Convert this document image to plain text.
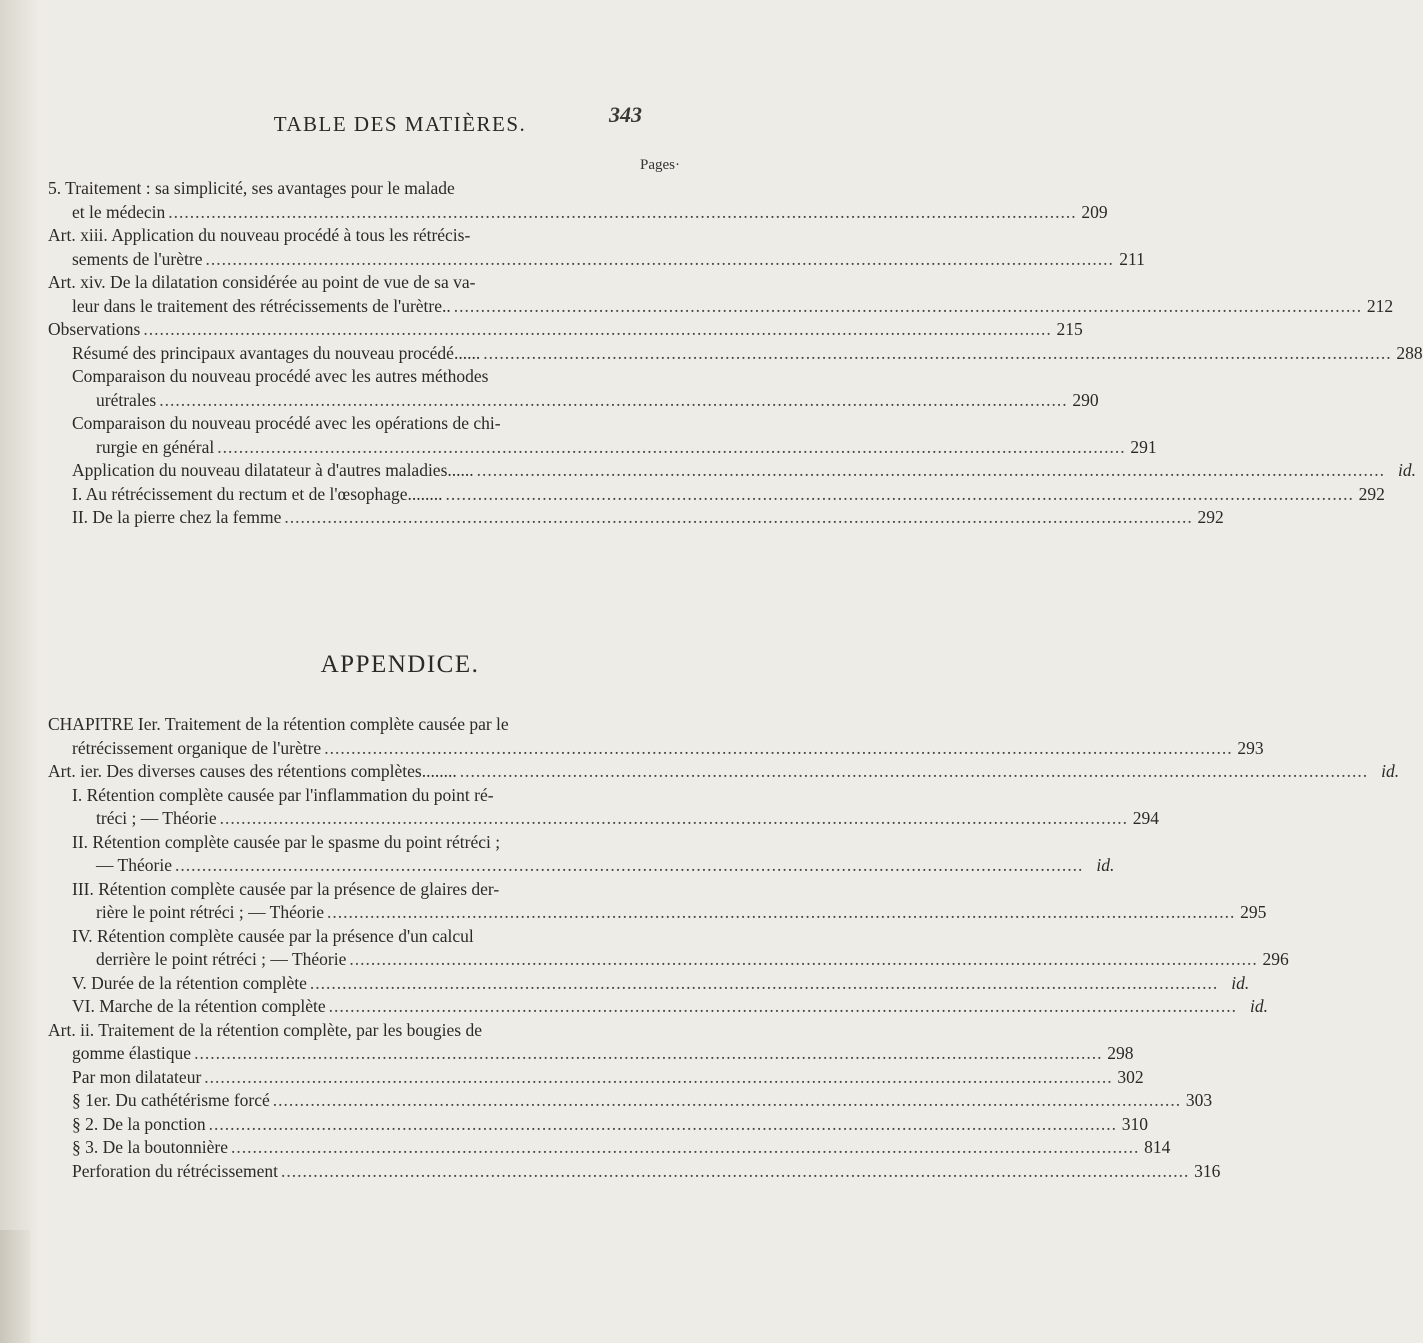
TABLE DES MATIÈRES.	343
Pages·
5. Traitement : sa simplicité, ses avantages pour le malade
et le médecin .....	209
Art. xiii. Application du nouveau procédé à tous les rétrécis-
sements de l'urètre .....	211
Art. xiv. De la dilatation considérée au point de vue de sa va-
leur dans le traitement des rétrécissements de l'urètre.. .....	212
Observations .....	215
Résumé des principaux avantages du nouveau procédé...... .....	288
Comparaison du nouveau procédé avec les autres méthodes
urétrales .....	290
Comparaison du nouveau procédé avec les opérations de chi-
rurgie en général .....	291
Application du nouveau dilatateur à d'autres maladies...... .....	id.
I. Au rétrécissement du rectum et de l'œsophage........ .....	292
II. De la pierre chez la femme .....	292
APPENDICE.
CHAPITRE Ier. Traitement de la rétention complète causée par le
rétrécissement organique de l'urètre .....	293
Art. ier. Des diverses causes des rétentions complètes........ .....	id.
I. Rétention complète causée par l'inflammation du point ré-
tréci ; — Théorie .....	294
II. Rétention complète causée par le spasme du point rétréci ;
— Théorie .....	id.
III. Rétention complète causée par la présence de glaires der-
rière le point rétréci ; — Théorie .....	295
IV. Rétention complète causée par la présence d'un calcul
derrière le point rétréci ; — Théorie .....	296
V. Durée de la rétention complète .....	id.
VI. Marche de la rétention complète .....	id.
Art. ii. Traitement de la rétention complète, par les bougies de
gomme élastique .....	298
Par mon dilatateur .....	302
§ 1er. Du cathétérisme forcé .....	303
§ 2. De la ponction .....	310
§ 3. De la boutonnière .....	814
Perforation du rétrécissement .....	316
